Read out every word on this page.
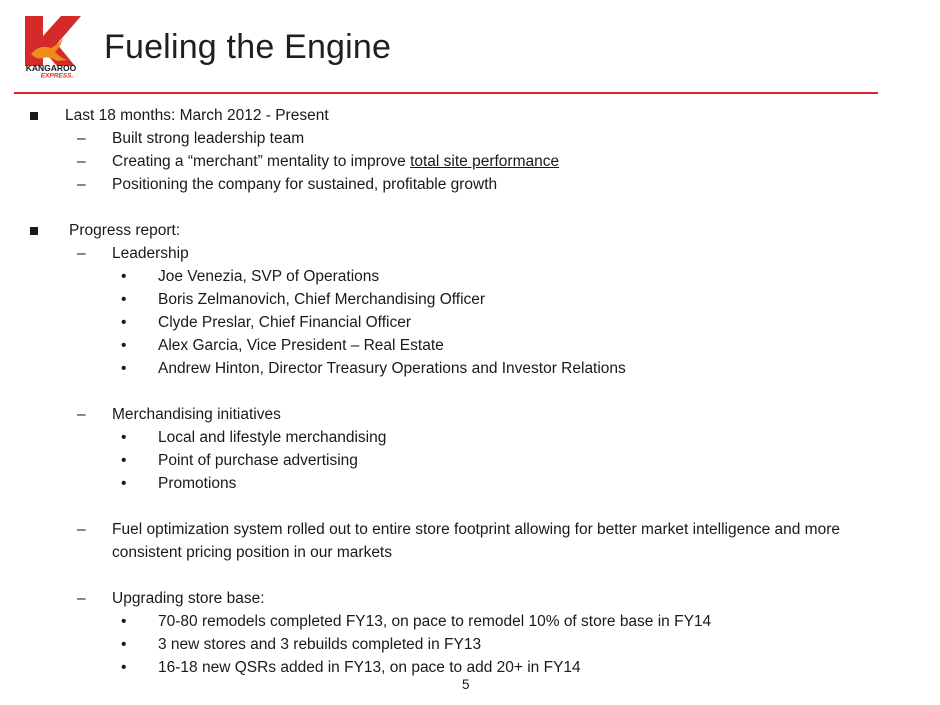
KANGAROO
EXPRESS.
Fueling the Engine
Last 18 months: March 2012 - Present
– Built strong leadership team
– Creating a “merchant” mentality to improve total site performance
– Positioning the company for sustained, profitable growth
Progress report:
– Leadership
• Joe Venezia, SVP of Operations
• Boris Zelmanovich, Chief Merchandising Officer
• Clyde Preslar, Chief Financial Officer
• Alex Garcia, Vice President – Real Estate
• Andrew Hinton, Director Treasury Operations and Investor Relations
– Merchandising initiatives
• Local and lifestyle merchandising
• Point of purchase advertising
• Promotions
– Fuel optimization system rolled out to entire store footprint allowing for better market intelligence and more consistent pricing position in our markets
– Upgrading store base:
• 70-80 remodels completed FY13, on pace to remodel 10% of store base in FY14
• 3 new stores and 3 rebuilds completed in FY13
• 16-18 new QSRs added in FY13, on pace to add 20+ in FY14
5
